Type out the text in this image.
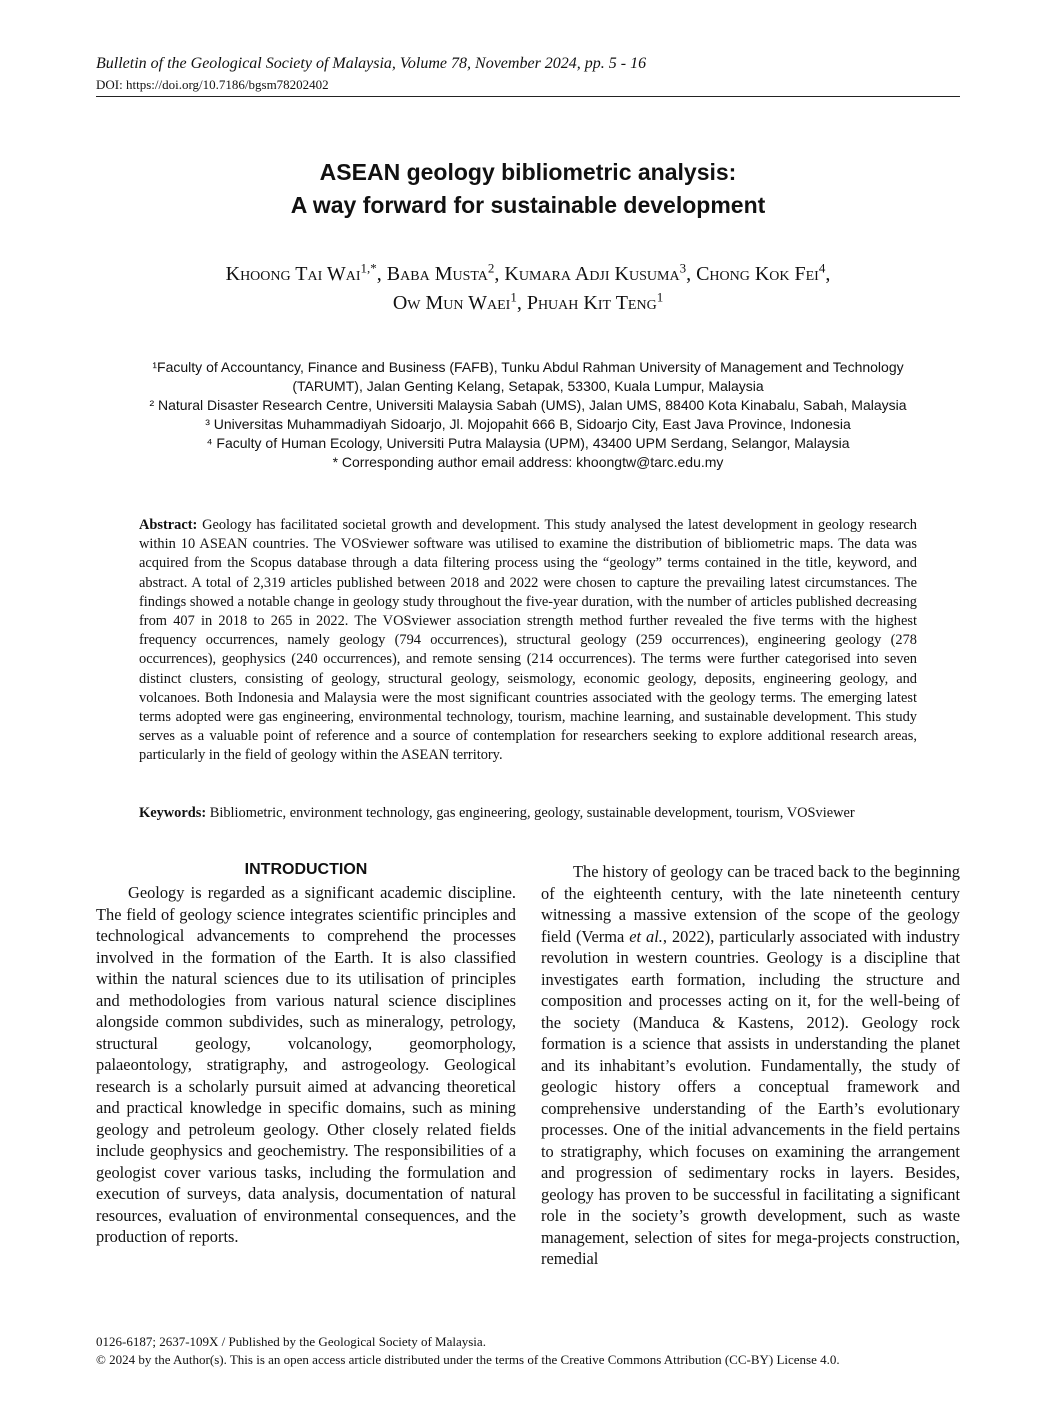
Bulletin of the Geological Society of Malaysia, Volume 78, November 2024, pp. 5 - 16
DOI: https://doi.org/10.7186/bgsm78202402
ASEAN geology bibliometric analysis:
A way forward for sustainable development
Khoong Tai Wai$^{1,*}$, Baba Musta$^2$, Kumara Adji Kusuma$^3$, Chong Kok Fei$^4$,
Ow Mun Waei$^1$, Phuah Kit Teng$^1$
¹Faculty of Accountancy, Finance and Business (FAFB), Tunku Abdul Rahman University of Management and Technology
(TARUMT), Jalan Genting Kelang, Setapak, 53300, Kuala Lumpur, Malaysia
² Natural Disaster Research Centre, Universiti Malaysia Sabah (UMS), Jalan UMS, 88400 Kota Kinabalu, Sabah, Malaysia
³ Universitas Muhammadiyah Sidoarjo, Jl. Mojopahit 666 B, Sidoarjo City, East Java Province, Indonesia
⁴ Faculty of Human Ecology, Universiti Putra Malaysia (UPM), 43400 UPM Serdang, Selangor, Malaysia
* Corresponding author email address: khoongtw@tarc.edu.my
Abstract: Geology has facilitated societal growth and development. This study analysed the latest development in geology research within 10 ASEAN countries. The VOSviewer software was utilised to examine the distribution of bibliometric maps. The data was acquired from the Scopus database through a data filtering process using the “geology” terms contained in the title, keyword, and abstract. A total of 2,319 articles published between 2018 and 2022 were chosen to capture the prevailing latest circumstances. The findings showed a notable change in geology study throughout the five-year duration, with the number of articles published decreasing from 407 in 2018 to 265 in 2022. The VOSviewer association strength method further revealed the five terms with the highest frequency occurrences, namely geology (794 occurrences), structural geology (259 occurrences), engineering geology (278 occurrences), geophysics (240 occurrences), and remote sensing (214 occurrences). The terms were further categorised into seven distinct clusters, consisting of geology, structural geology, seismology, economic geology, deposits, engineering geology, and volcanoes. Both Indonesia and Malaysia were the most significant countries associated with the geology terms. The emerging latest terms adopted were gas engineering, environmental technology, tourism, machine learning, and sustainable development. This study serves as a valuable point of reference and a source of contemplation for researchers seeking to explore additional research areas, particularly in the field of geology within the ASEAN territory.
Keywords: Bibliometric, environment technology, gas engineering, geology, sustainable development, tourism, VOSviewer
INTRODUCTION
Geology is regarded as a significant academic discipline. The field of geology science integrates scientific principles and technological advancements to comprehend the processes involved in the formation of the Earth. It is also classified within the natural sciences due to its utilisation of principles and methodologies from various natural science disciplines alongside common subdivides, such as mineralogy, petrology, structural geology, volcanology, geomorphology, palaeontology, stratigraphy, and astrogeology. Geological research is a scholarly pursuit aimed at advancing theoretical and practical knowledge in specific domains, such as mining geology and petroleum geology. Other closely related fields include geophysics and geochemistry. The responsibilities of a geologist cover various tasks, including the formulation and execution of surveys, data analysis, documentation of natural resources, evaluation of environmental consequences, and the production of reports.
The history of geology can be traced back to the beginning of the eighteenth century, with the late nineteenth century witnessing a massive extension of the scope of the geology field (Verma et al., 2022), particularly associated with industry revolution in western countries. Geology is a discipline that investigates earth formation, including the structure and composition and processes acting on it, for the well-being of the society (Manduca & Kastens, 2012). Geology rock formation is a science that assists in understanding the planet and its inhabitant’s evolution. Fundamentally, the study of geologic history offers a conceptual framework and comprehensive understanding of the Earth’s evolutionary processes. One of the initial advancements in the field pertains to stratigraphy, which focuses on examining the arrangement and progression of sedimentary rocks in layers. Besides, geology has proven to be successful in facilitating a significant role in the society’s growth development, such as waste management, selection of sites for mega-projects construction, remedial
0126-6187; 2637-109X / Published by the Geological Society of Malaysia.
© 2024 by the Author(s). This is an open access article distributed under the terms of the Creative Commons Attribution (CC-BY) License 4.0.
